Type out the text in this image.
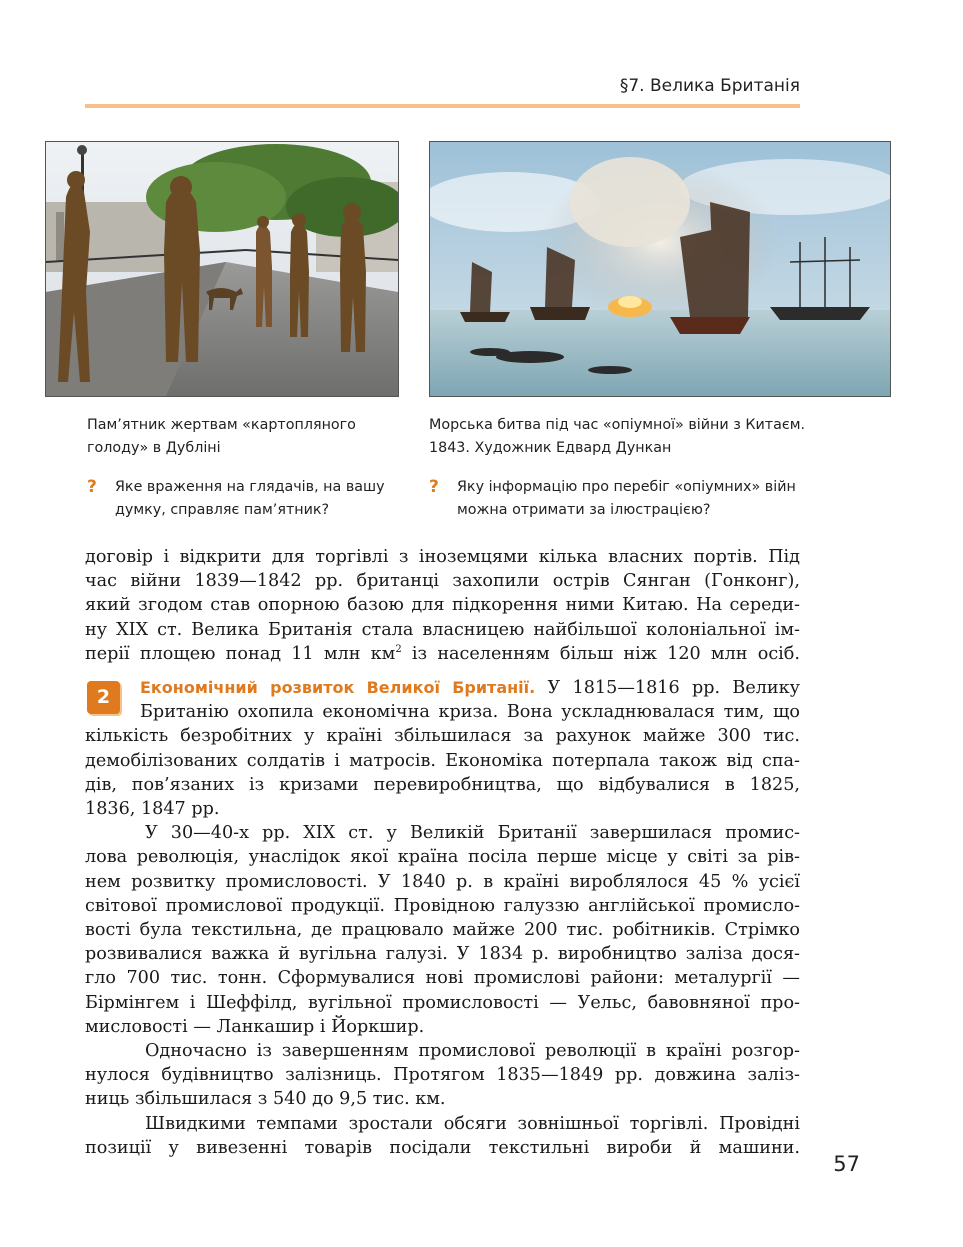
§7. Велика Британія
Пам’ятник жертвам «картопляного голоду» в Дубліні
Морська битва під час «опіумної» війни з Китаєм. 1843. Художник Едвард Дункан
?	Яке враження на глядачів, на вашу думку, справляє пам’ятник?
?	Яку інформацію про перебіг «опіумних» війн можна отримати за ілюстрацією?
договір і відкрити для торгівлі з іноземцями кілька власних портів. Під
час війни 1839—1842 рр. британці захопили острів Сянган (Гонконг),
який згодом став опорною базою для підкорення ними Китаю. На середи-
ну XIX ст. Велика Британія стала власницею найбільшої колоніальної ім-
перії площею понад 11 млн $км^2$ із населенням більш ніж 120 млн осіб.
2	Економічний розвиток Великої Британії. У 1815—1816 рр. Велику
Британію охопила економічна криза. Вона ускладнювалася тим, що
кількість безробітних у країні збільшилася за рахунок майже 300 тис.
демобілізованих солдатів і матросів. Економіка потерпала також від спа-
дів, пов’язаних із кризами перевиробництва, що відбувалися в 1825,
1836, 1847 рр.
У 30—40-х рр. XIX ст. у Великій Британії завершилася промис-
лова революція, унаслідок якої країна посіла перше місце у світі за рів-
нем розвитку промисловості. У 1840 р. в країні вироблялося 45 % усієї
світової промислової продукції. Провідною галуззю англійської промисло-
вості була текстильна, де працювало майже 200 тис. робітників. Стрімко
розвивалися важка й вугільна галузі. У 1834 р. виробництво заліза дося-
гло 700 тис. тонн. Сформувалися нові промислові райони: металургії —
Бірмінгем і Шеффілд, вугільної промисловості — Уельс, бавовняної про-
мисловості — Ланкашир і Йоркшир.
Одночасно із завершенням промислової революції в країні розгор-
нулося будівництво залізниць. Протягом 1835—1849 рр. довжина заліз-
ниць збільшилася з 540 до 9,5 тис. км.
Швидкими темпами зростали обсяги зовнішньої торгівлі. Провідні
позиції у вивезенні товарів посідали текстильні вироби й машини.
57
